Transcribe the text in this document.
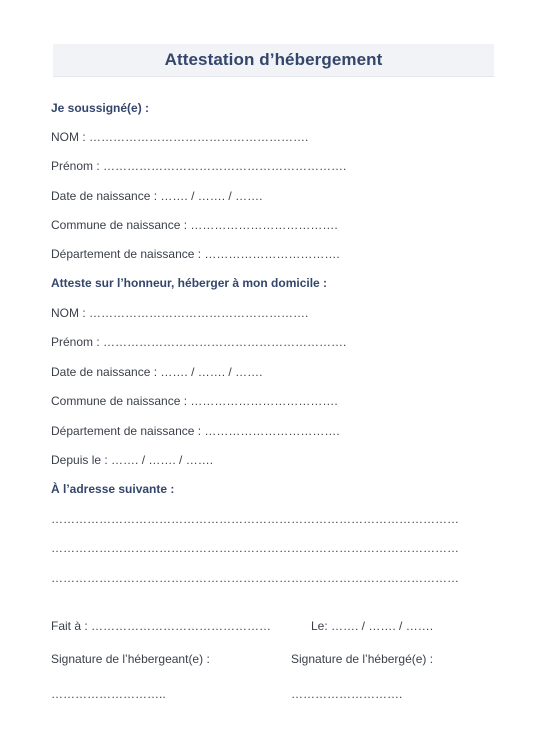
Attestation d’hébergement
Je soussigné(e) :
NOM : ……………………………………………….
Prénom : …………………………………………………….
Date de naissance : ……. / ……. / …….
Commune de naissance : ……………………………….
Département de naissance : …………………………….
Atteste sur l’honneur, héberger à mon domicile :
NOM : ……………………………………………….
Prénom : …………………………………………………….
Date de naissance : ……. / ……. / …….
Commune de naissance : ……………………………….
Département de naissance : …………………………….
Depuis le : ……. / ……. / …….
À l’adresse suivante :
…………………………………………………………………………………………
…………………………………………………………………………………………
…………………………………………………………………………………………
Fait à : ………………………………………	Le: ……. / ……. / …….
Signature de l’hébergeant(e) :	Signature de l’hébergé(e) :
………………………..	……………………….
